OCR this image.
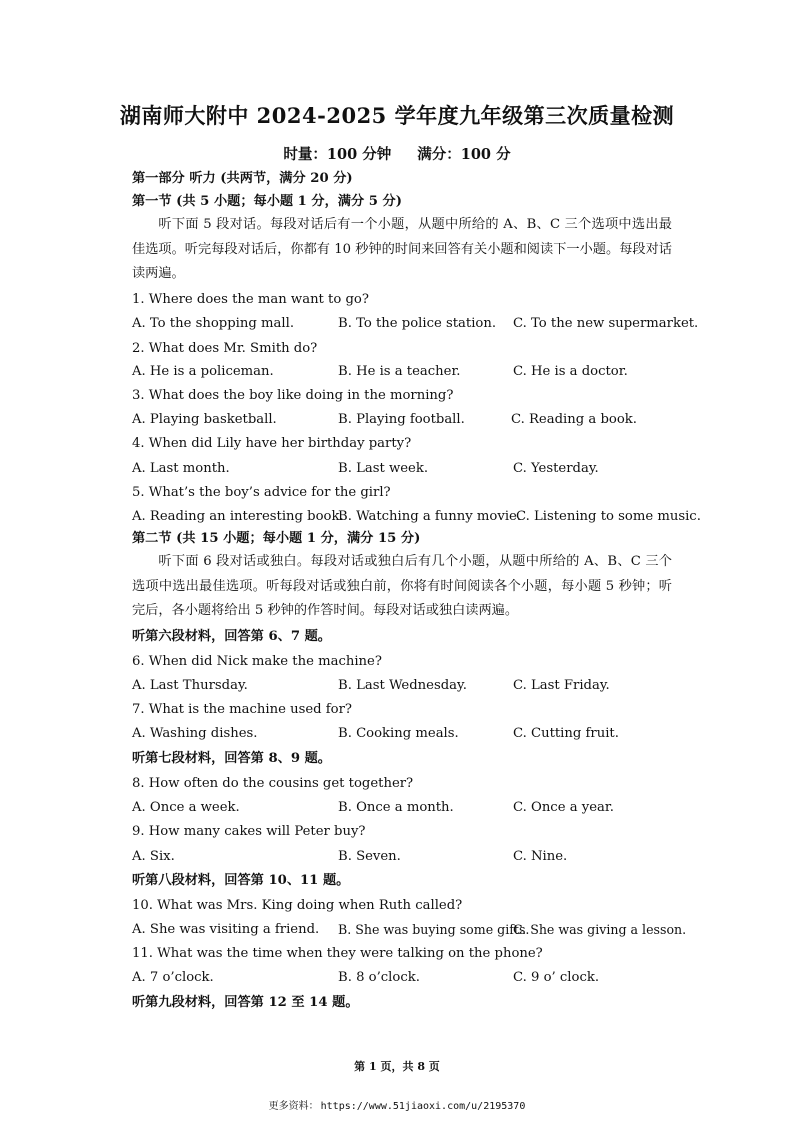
湖南师大附中 2024-2025 学年度九年级第三次质量检测
时量：100 分钟 满分：100 分
第一部分 听力 (共两节，满分 20 分)
第一节 (共 5 小题；每小题 1 分，满分 5 分)
听下面 5 段对话。每段对话后有一个小题，从题中所给的 A、B、C 三个选项中选出最佳选项。听完每段对话后，你都有 10 秒钟的时间来回答有关小题和阅读下一小题。每段对话读两遍。
1. Where does the man want to go?
A. To the shopping mall.	B. To the police station. C. To the new supermarket.
2. What does Mr. Smith do?
A. He is a policeman.	B. He is a teacher.	C. He is a doctor.
3. What does the boy like doing in the morning?
A. Playing basketball.	B. Playing football.	C. Reading a book.
4. When did Lily have her birthday party?
A. Last month.	B. Last week.	C. Yesterday.
5. What’s the boy’s advice for the girl?
A. Reading an interesting book.
B. Watching a funny movie.
C. Listening to some music.
第二节 (共 15 小题；每小题 1 分，满分 15 分)
听下面 6 段对话或独白。每段对话或独白后有几个小题，从题中所给的 A、B、C 三个选项中选出最佳选项。听每段对话或独白前，你将有时间阅读各个小题，每小题 5 秒钟；听完后，各小题将给出 5 秒钟的作答时间。每段对话或独白读两遍。
听第六段材料，回答第 6、7 题。
6. When did Nick make the machine?
A. Last Thursday.	B. Last Wednesday.	C. Last Friday.
7. What is the machine used for?
A. Washing dishes.	B. Cooking meals.	C. Cutting fruit.
听第七段材料，回答第 8、9 题。
8. How often do the cousins get together?
A. Once a week.	B. Once a month.	C. Once a year.
9. How many cakes will Peter buy?
A. Six.	B. Seven.	C. Nine.
听第八段材料，回答第 10、11 题。
10. What was Mrs. King doing when Ruth called?
A. She was visiting a friend. B. She was buying some gifts.
C. She was giving a lesson.
11. What was the time when they were talking on the phone?
A. 7 o’clock.	B. 8 o’clock.	C. 9 o’ clock.
听第九段材料，回答第 12 至 14 题。
第 1 页，共 8 页
更多资料： https://www.51jiaoxi.com/u/2195370
